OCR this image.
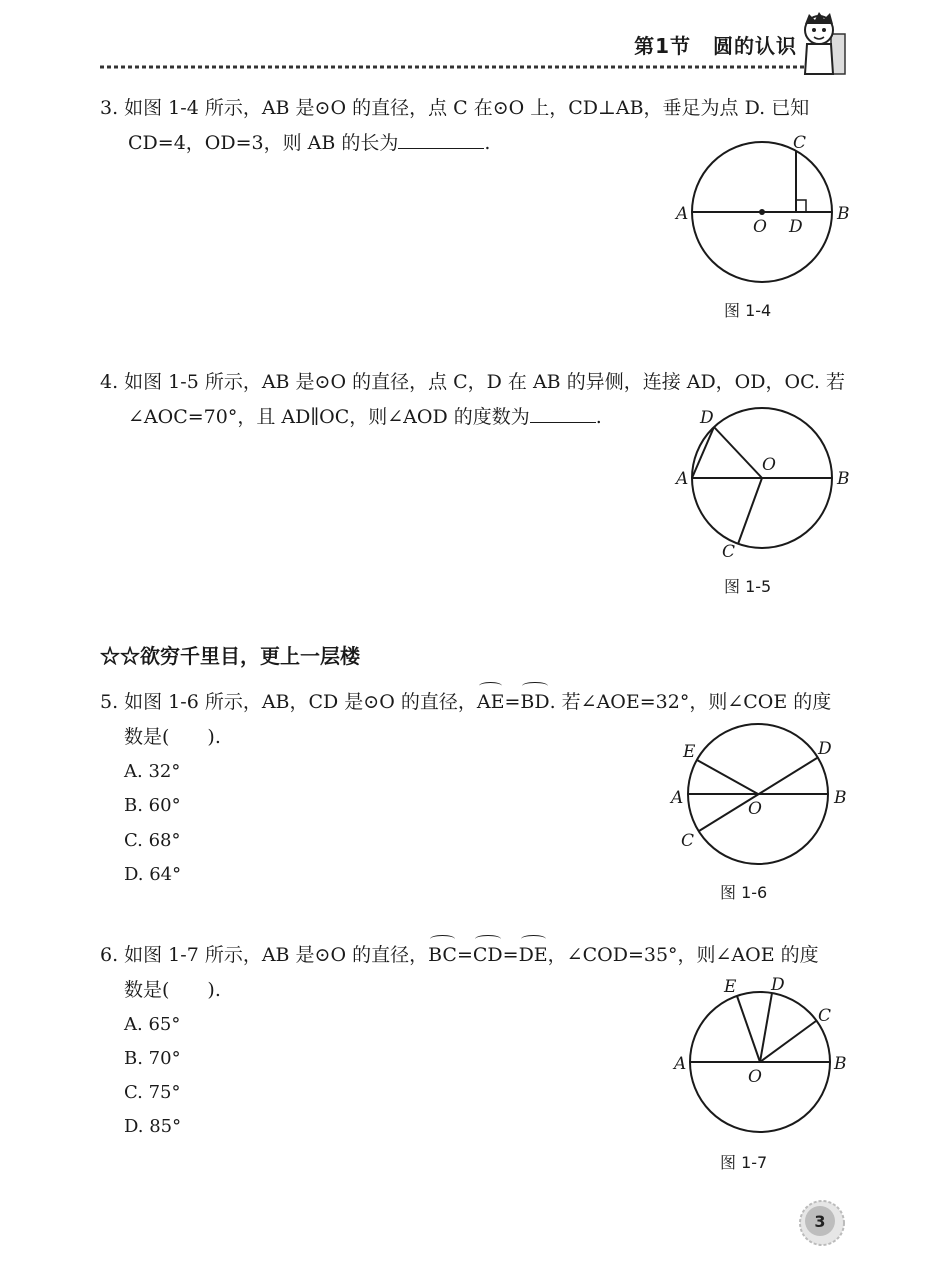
第1节 圆的认识
3. 如图 1-4 所示，AB 是⊙O 的直径，点 C 在⊙O 上，CD⊥AB，垂足为点 D. 已知
CD=4，OD=3，则 AB 的长为	.
A	B
C
D
O
图 1-4
4. 如图 1-5 所示，AB 是⊙O 的直径，点 C，D 在 AB 的异侧，连接 AD，OD，OC. 若
∠AOC=70°，且 AD∥OC，则∠AOD 的度数为	.
A	B
D
O
C
图 1-5
☆☆欲穷千里目，更上一层楼
5. 如图 1-6 所示，AB，CD 是⊙O 的直径，AE=BD. 若∠AOE=32°，则∠COE 的度
数是(　　).
A. 32°
B. 60°
C. 68°
D. 64°
A	B
E	D
C
O
图 1-6
6. 如图 1-7 所示，AB 是⊙O 的直径，BC=CD=DE，∠COD=35°，则∠AOE 的度
数是(　　).
A. 65°
B. 70°
C. 75°
D. 85°
A	B
E D
C
O
图 1-7
3
